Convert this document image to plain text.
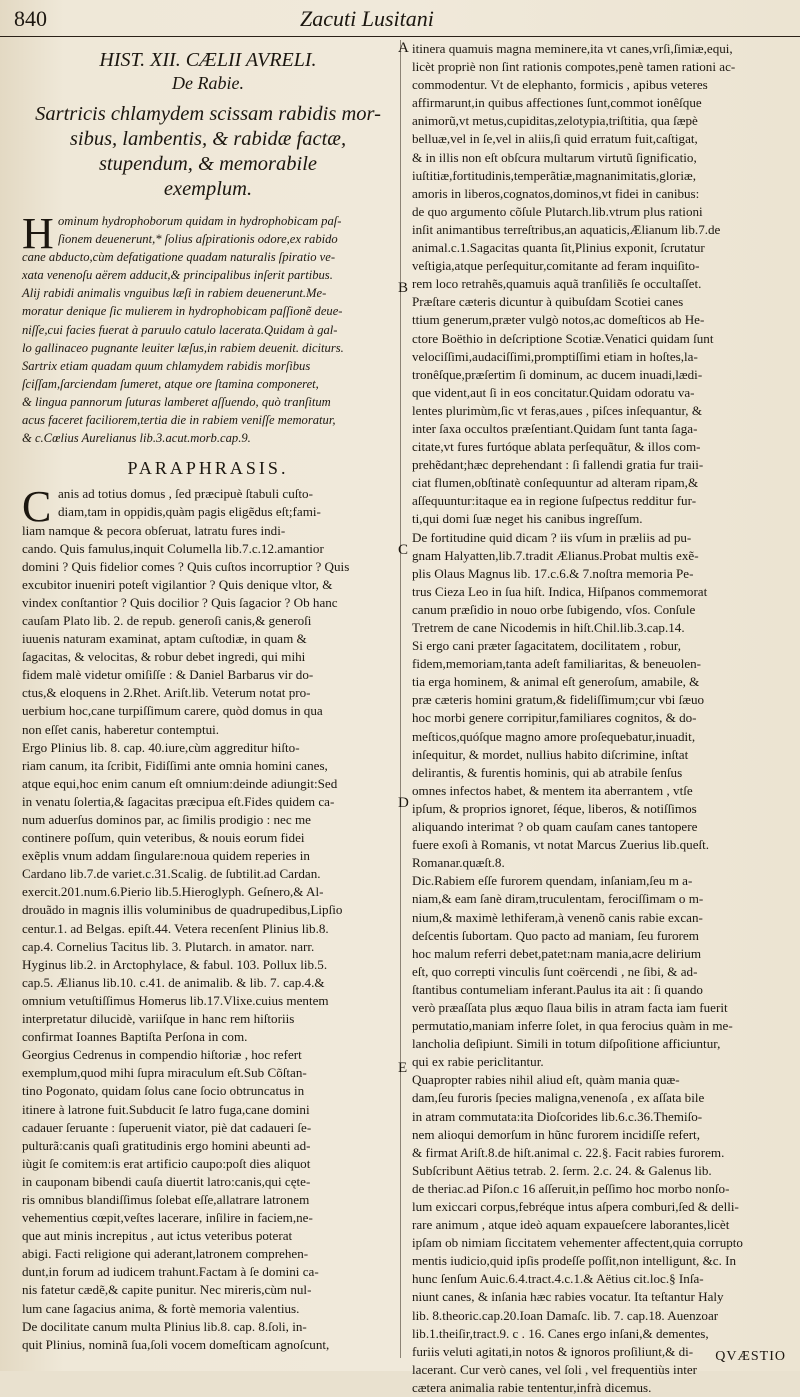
840	Zacuti Lusitani
HIST. XII. CÆLII AVRELI.
De Rabie.
Sartricis chlamydem scissam rabidis mor-
sibus, lambentis, & rabidæ factæ,
stupendum, & memorabile
exemplum.
H ominum hydrophoborum quidam in hydrophobicam paſ-
ſionem deuenerunt,* ſolius aſpirationis odore,ex rabido
cane abducto,cùm defatigatione quadam naturalis ſpiratio ve-
xata venenoſu aërem adducit,& principalibus inſerit partibus.
Alij rabidi animalis vnguibus læſi in rabiem deuenerunt.Me-
moratur denique ſic mulierem in hydrophobicam paſſionẽ deue-
niſſe,cui facies fuerat à paruulo catulo lacerata.Quidam à gal-
lo gallinaceo pugnante leuiter læſus,in rabiem deuenit. diciturs.
Sartrix etiam quadam quum chlamydem rabidis morſibus
ſciſſam,ſarciendam ſumeret, atque ore ſtamina componeret,
& lingua pannorum ſuturas lamberet aſſuendo, quò tranſitum
acus faceret faciliorem,tertia die in rabiem veniſſe memoratur,
& c.Cœlius Aurelianus lib.3.acut.morb.cap.9.
PARAPHRASIS.
C anis ad totius domus , ſed præcipuè ſtabuli cuſto-
diam,tam in oppidis,quàm pagis eligẽdus eſt;fami-
liam namque & pecora obſeruat, latratu fures indi-
cando. Quis famulus,inquit Columella lib.7.c.12.amantior
domini ? Quis fidelior comes ? Quis cuſtos incorruptior ? Quis
excubitor inueniri poteſt vigilantior ? Quis denique vltor, &
vindex conſtantior ? Quis docilior ? Quis ſagacior ? Ob hanc
cauſam Plato lib. 2. de repub. generoſi canis,& generoſi
iuuenis naturam examinat, aptam cuſtodiæ, in quam &
ſagacitas, & velocitas, & robur debet ingredi, qui mihi
fidem malè videtur omiſiſſe : & Daniel Barbarus vir do-
ctus,& eloquens in 2.Rhet. Ariſt.lib. Veterum notat pro-
uerbium hoc,cane turpiſſimum carere, quòd domus in qua
non eſſet canis, haberetur contemptui.
Ergo Plinius lib. 8. cap. 40.iure,cùm aggreditur hiſto-
riam canum, ita ſcribit, Fidiſſimi ante omnia homini canes,
atque equi,hoc enim canum eſt omnium:deinde adiungit:Sed
in venatu ſolertia,& ſagacitas præcipua eſt.Fides quidem ca-
num aduerſus dominos par, ac ſimilis prodigio : nec me
continere poſſum, quin veteribus, & nouis eorum fidei
exẽplis vnum addam ſingulare:noua quidem reperies in
Cardano lib.7.de variet.c.31.Scalig. de ſubtilit.ad Cardan.
exercit.201.num.6.Pierio lib.5.Hieroglyph. Geſnero,& Al-
drouãdo in magnis illis voluminibus de quadrupedibus,Lipſio
centur.1. ad Belgas. epiſt.44. Vetera recenſent Plinius lib.8.
cap.4. Cornelius Tacitus lib. 3. Plutarch. in amator. narr.
Hyginus lib.2. in Arctophylace, & fabul. 103. Pollux lib.5.
cap.5. Ælianus lib.10. c.41. de animalib. & lib. 7. cap.4.&
omnium vetuſtiſſimus Homerus lib.17.Vlixe.cuius mentem
interpretatur dilucidè, variiſque in hanc rem hiſtoriis
confirmat Ioannes Baptiſta Perſona in com.
Georgius Cedrenus in compendio hiſtoriæ , hoc refert
exemplum,quod mihi ſupra miraculum eſt.Sub Cõſtan-
tino Pogonato, quidam ſolus cane ſocio obtruncatus in
itinere à latrone fuit.Subducit ſe latro fuga,cane domini
cadauer ſeruante : ſuperuenit viator, piè dat cadaueri ſe-
pulturã:canis quaſi gratitudinis ergo homini abeunti ad-
iùgit ſe comitem:is erat artificio caupo:poſt dies aliquot
in cauponam bibendi cauſa diuertit latro:canis,qui cęte-
ris omnibus blandiſſimus ſolebat eſſe,allatrare latronem
vehementius cœpit,veſtes lacerare, inſilire in faciem,ne-
que aut minis increpitus , aut ictus veteribus poterat
abigi. Facti religione qui aderant,latronem comprehen-
dunt,in forum ad iudicem trahunt.Factam à ſe domini ca-
nis fatetur cædẽ,& capite punitur. Nec mireris,cùm nul-
lum cane ſagacius anima, & fortè memoria valentius.
De docilitate canum multa Plinius lib.8. cap. 8.ſoli, in-
quit Plinius, nominã ſua,ſoli vocem domeſticam agnoſcunt,
itinera quamuis magna meminere,ita vt canes,vrſi,ſimiæ,equi,
licèt propriè non ſint rationis compotes,penè tamen rationi ac-
commodentur. Vt de elephanto, formicis , apibus veteres
affirmarunt,in quibus affectiones ſunt,commot ionêſque
animorũ,vt metus,cupiditas,zelotypia,triſtitia, qua ſæpè
belluæ,vel in ſe,vel in aliis,ſi quid erratum fuit,caſtigat,
& in illis non eſt obſcura multarum virtutũ ſignificatio,
iuſtitiæ,fortitudinis,temperãtiæ,magnanimitatis,gloriæ,
amoris in liberos,cognatos,dominos,vt fidei in canibus:
de quo argumento cõſule Plutarch.lib.vtrum plus rationi
inſit animantibus terreſtribus,an aquaticis,Ælianum lib.7.de
animal.c.1.Sagacitas quanta ſit,Plinius exponit, ſcrutatur
veſtigia,atque perſequitur,comitante ad feram inquiſito-
rem loco retrahẽs,quamuis aquã tranſiliẽs ſe occultaſſet.
Præſtare cæteris dicuntur à quibuſdam Scotiei canes
ttium generum,præter vulgò notos,ac domeſticos ab He-
ctore Boëthio in deſcriptione Scotiæ.Venatici quidam ſunt
velociſſimi,audaciſſimi,promptiſſimi etiam in hoſtes,la-
tronêſque,præſertim ſi dominum, ac ducem inuadi,lædi-
que vident,aut ſi in eos concitatur.Quidam odoratu va-
lentes plurimùm,ſic vt feras,aues , piſces inſequantur, &
inter ſaxa occultos præſentiant.Quidam ſunt tanta ſaga-
citate,vt fures furtóque ablata perſequãtur, & illos com-
prehẽdant;hæc deprehendant : ſi fallendi gratia fur traii-
ciat flumen,obſtinatè conſequuntur ad alteram ripam,&
aſſequuntur:itaque ea in regione ſuſpectus redditur fur-
ti,qui domi ſuæ neget his canibus ingreſſum.
De fortitudine quid dicam ? iis vſum in præliis ad pu-
gnam Halyatten,lib.7.tradit Ælianus.Probat multis exẽ-
plis Olaus Magnus lib. 17.c.6.& 7.noſtra memoria Pe-
trus Cieza Leo in ſua hiſt. Indica, Hiſpanos commemorat
canum præſidio in nouo orbe ſubigendo, vſos. Conſule
Tretrem de cane Nicodemis in hiſt.Chil.lib.3.cap.14.
Si ergo cani præter ſagacitatem, docilitatem , robur,
fidem,memoriam,tanta adeſt familiaritas, & beneuolen-
tia erga hominem, & animal eſt generoſum, amabile, &
præ cæteris homini gratum,& fideliſſimum;cur vbi ſæuo
hoc morbi genere corripitur,familiares cognitos, & do-
meſticos,quóſque magno amore proſequebatur,inuadit,
inſequitur, & mordet, nullius habito diſcrimine, inſtat
delirantis, & furentis hominis, qui ab atrabile ſenſus
omnes infectos habet, & mentem ita aberrantem , vtſe
ipſum, & proprios ignoret, ſéque, liberos, & notiſſimos
aliquando interimat ? ob quam cauſam canes tantopere
fuere exoſi à Romanis, vt notat Marcus Zuerius lib.queſt.
Romanar.quæſt.8.
Dic.Rabiem eſſe furorem quendam, inſaniam,ſeu m a-
niam,& eam ſanè diram,truculentam, ferociſſimam o m-
nium,& maximè lethiferam,à venenõ canis rabie excan-
deſcentis ſubortam. Quo pacto ad maniam, ſeu furorem
hoc malum referri debet,patet:nam mania,acre delirium
eſt, quo correpti vinculis ſunt coërcendi , ne ſibi, & ad-
ſtantibus contumeliam inferant.Paulus ita ait : ſi quando
verò præaſſata plus æquo ſlaua bilis in atram facta iam fuerit
permutatio,maniam inferre ſolet, in qua ferocius quàm in me-
lancholia deſipiunt. Simili in totum diſpoſitione afficiuntur,
qui ex rabie periclitantur.
Quapropter rabies nihil aliud eſt, quàm mania quæ-
dam,ſeu furoris ſpecies maligna,venenoſa , ex aſſata bile
in atram commutata:ita Dioſcorides lib.6.c.36.Themiſo-
nem alioqui demorſum in hũnc furorem incidiſſe refert,
& firmat Ariſt.8.de hiſt.animal c. 22.§. Facit rabies furorem.
Subſcribunt Aëtius tetrab. 2. ſerm. 2.c. 24. & Galenus lib.
de theriac.ad Piſon.c 16 aſſeruit,in peſſimo hoc morbo nonſo-
lum exiccari corpus,febréque intus aſpera comburi,ſed & delli-
rare animum , atque ideò aquam expaueſcere laborantes,licèt
ipſam ob nimiam ſiccitatem vehementer affectent,quia corrupto
mentis iudicio,quid ipſis prodeſſe poſſit,non intelligunt, &c. In
hunc ſenſum Auic.6.4.tract.4.c.1.& Aëtius cit.loc.§ Inſa-
niunt canes, & inſania hæc rabies vocatur. Ita teſtantur Haly
lib. 8.theoric.cap.20.Ioan Damaſc. lib. 7. cap.18. Auenzoar
lib.1.theiſir,tract.9. c . 16. Canes ergo inſani,& dementes,
furiis veluti agitati,in notos & ignoros proſiliunt,& di-
lacerant. Cur verò canes, vel ſoli , vel frequentiùs inter
cætera animalia rabie tententur,infrà dicemus.
A
B
C
D
E
QVÆSTIO
